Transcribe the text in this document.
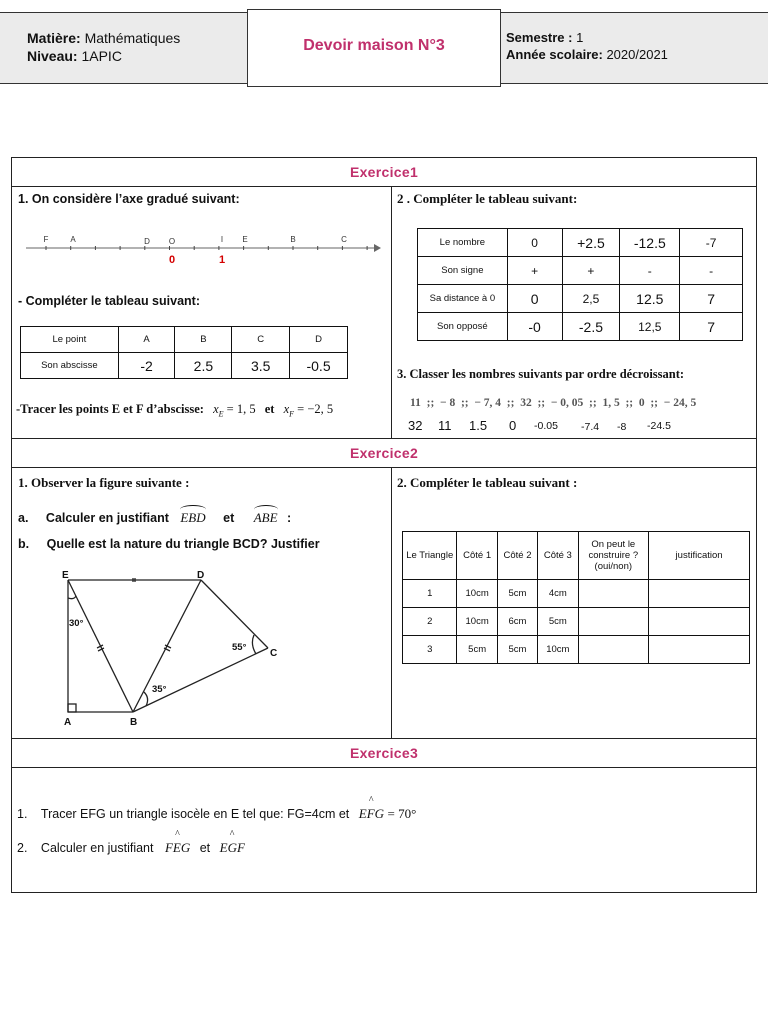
Matière: Mathématiques
Niveau: 1APIC
Devoir maison N°3	Semestre : 1
Année scolaire: 2020/2021
Exercice1
1. On considère l’axe gradué suivant:
F	A	D O	I E	B	C
0	1
- Compléter le tableau suivant:
Le point	A	B	C	D
Son abscisse	-2	2.5	3.5	-0.5
-Tracer les points E et F d’abscisse: $x_E = 1$, 5 et $x_F = -2$, 5
2 . Compléter le tableau suivant:
Le nombre	0	+2.5	-12.5	-7
Son signe	+	+	-	-
Sa distance à 0	0	2,5	12.5	7
Son opposé	-0	-2.5	12,5	7
3. Classer les nombres suivants par ordre décroissant:
11  ;;  − 8  ;;  − 7, 4  ;;  32  ;;  − 0, 05  ;;  1, 5  ;;  0  ;;  − 24, 5
32 11 1.5 0 -0.05 -7.4 -8 -24.5
Exercice2
1. Observer la figure suivante :
a. Calculer en justifiant EBD et ABE :
b. Quelle est la nature du triangle BCD? Justifier
E	D
C
A	B
30°
55°
35°
2. Compléter le tableau suivant :
Le Triangle	Côté 1	Côté 2	Côté 3	On peut le construire ? (oui/non)	justification
1	10cm	5cm	4cm		
2	10cm	6cm	5cm		
3	5cm	5cm	10cm		
Exercice3
1. Tracer EFG un triangle isocèle en E tel que: FG=4cm et EFG
^
= 70°
2. Calculer en justifiant FEG
^
et EGF
^
